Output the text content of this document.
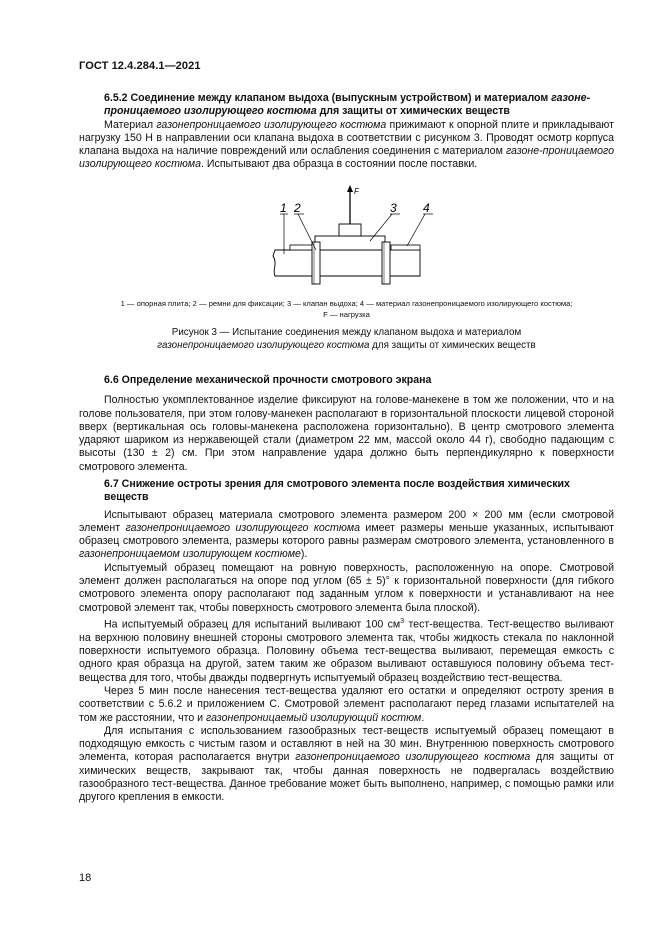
ГОСТ 12.4.284.1—2021
6.5.2 Соединение между клапаном выдоха (выпускным устройством) и материалом газоне-проницаемого изолирующего костюма для защиты от химических веществ
Материал газонепроницаемого изолирующего костюма прижимают к опорной плите и прикладывают нагрузку 150 Н в направлении оси клапана выдоха в соответствии с рисунком 3. Проводят осмотр корпуса клапана выдоха на наличие повреждений или ослабления соединения с материалом газоне-проницаемого изолирующего костюма. Испытывают два образца в состоянии после поставки.
F
1 2	3 4
1 — опорная плита; 2 — ремни для фиксации; 3 — клапан выдоха; 4 — материал газонепроницаемого изолирующего костюма;
F — нагрузка
Рисунок 3 — Испытание соединения между клапаном выдоха и материалом
газонепроницаемого изолирующего костюма для защиты от химических веществ
6.6 Определение механической прочности смотрового экрана
Полностью укомплектованное изделие фиксируют на голове-манекене в том же положении, что и на голове пользователя, при этом голову-манекен располагают в горизонтальной плоскости лицевой стороной вверх (вертикальная ось головы-манекена расположена горизонтально). В центр смотрового элемента ударяют шариком из нержавеющей стали (диаметром 22 мм, массой около 44 г), свободно падающим с высоты (130 ± 2) см. При этом направление удара должно быть перпендикулярно к поверхности смотрового элемента.
6.7 Снижение остроты зрения для смотрового элемента после воздействия химических веществ
Испытывают образец материала смотрового элемента размером 200 × 200 мм (если смотровой элемент газонепроницаемого изолирующего костюма имеет размеры меньше указанных, испытывают образец смотрового элемента, размеры которого равны размерам смотрового элемента, установленного в газонепроницаемом изолирующем костюме).
Испытуемый образец помещают на ровную поверхность, расположенную на опоре. Смотровой элемент должен располагаться на опоре под углом (65 ± 5)° к горизонтальной поверхности (для гибкого смотрового элемента опору располагают под заданным углом к поверхности и устанавливают на нее смотровой элемент так, чтобы поверхность смотрового элемента была плоской).
На испытуемый образец для испытаний выливают 100 $см^3$ тест-вещества. Тест-вещество выливают на верхнюю половину внешней стороны смотрового элемента так, чтобы жидкость стекала по наклонной поверхности испытуемого образца. Половину объема тест-вещества выливают, перемещая емкость с одного края образца на другой, затем таким же образом выливают оставшуюся половину объема тест-вещества для того, чтобы дважды подвергнуть испытуемый образец воздействию тест-вещества.
Через 5 мин после нанесения тест-вещества удаляют его остатки и определяют остроту зрения в соответствии с 5.6.2 и приложением С. Смотровой элемент располагают перед глазами испытателей на том же расстоянии, что и газонепроницаемый изолирующий костюм.
Для испытания с использованием газообразных тест-веществ испытуемый образец помещают в подходящую емкость с чистым газом и оставляют в ней на 30 мин. Внутреннюю поверхность смотрового элемента, которая располагается внутри газонепроницаемого изолирующего костюма для защиты от химических веществ, закрывают так, чтобы данная поверхность не подвергалась воздействию газообразного тест-вещества. Данное требование может быть выполнено, например, с помощью рамки или другого крепления в емкости.
18
